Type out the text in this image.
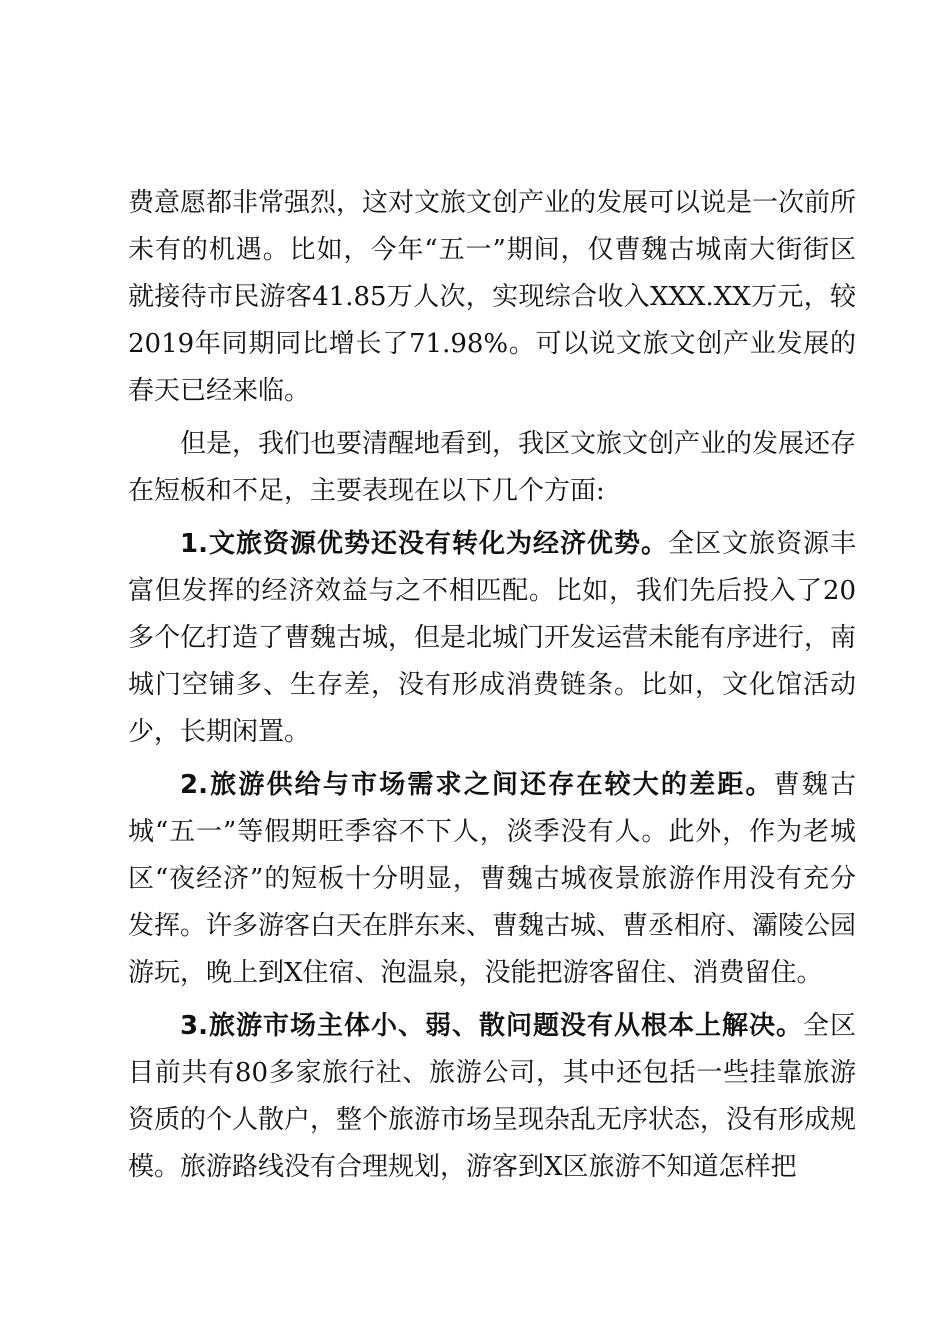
费意愿都非常强烈，这对文旅文创产业的发展可以说是一次前所未有的机遇。比如，今年“五一”期间，仅曹魏古城南大街街区就接待市民游客41.85万人次，实现综合收入XXX.XX万元，较2019年同期同比增长了71.98%。可以说文旅文创产业发展的春天已经来临。

但是，我们也要清醒地看到，我区文旅文创产业的发展还存在短板和不足，主要表现在以下几个方面:

1.文旅资源优势还没有转化为经济优势。全区文旅资源丰富但发挥的经济效益与之不相匹配。比如，我们先后投入了20多个亿打造了曹魏古城，但是北城门开发运营未能有序进行，南城门空铺多、生存差，没有形成消费链条。比如，文化馆活动少，长期闲置。

2.旅游供给与市场需求之间还存在较大的差距。曹魏古城“五一”等假期旺季容不下人，淡季没有人。此外，作为老城区“夜经济”的短板十分明显，曹魏古城夜景旅游作用没有充分发挥。许多游客白天在胖东来、曹魏古城、曹丞相府、灞陵公园游玩，晚上到X住宿、泡温泉，没能把游客留住、消费留住。

3.旅游市场主体小、弱、散问题没有从根本上解决。全区目前共有80多家旅行社、旅游公司，其中还包括一些挂靠旅游资质的个人散户，整个旅游市场呈现杂乱无序状态，没有形成规模。旅游路线没有合理规划，游客到X区旅游不知道怎样把
